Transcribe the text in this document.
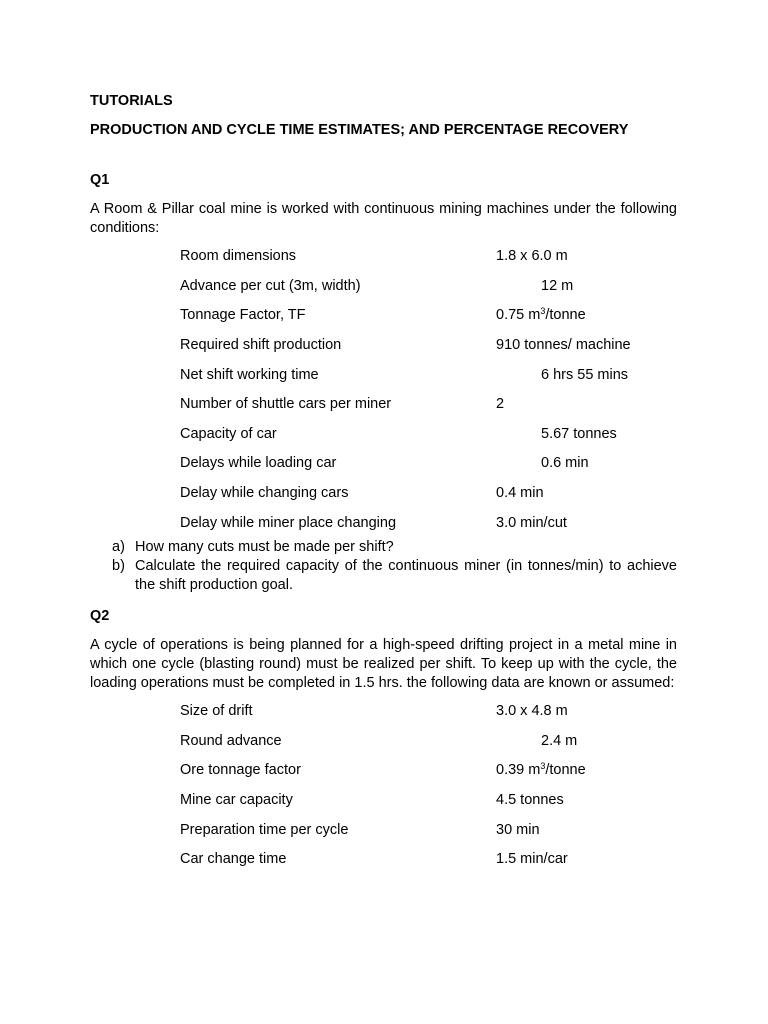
TUTORIALS

PRODUCTION AND CYCLE TIME ESTIMATES; AND PERCENTAGE RECOVERY

Q1

A Room & Pillar coal mine is worked with continuous mining machines under the following conditions:

Room dimensions	1.8 x 6.0 m
Advance per cut (3m, width)	12 m
Tonnage Factor, TF	0.75 $m^3$/tonne
Required shift production	910 tonnes/ machine
Net shift working time	6 hrs 55 mins
Number of shuttle cars per miner	2
Capacity of car	5.67 tonnes
Delays while loading car	0.6 min
Delay while changing cars	0.4 min
Delay while miner place changing	3.0 min/cut
a) How many cuts must be made per shift?
b) Calculate the required capacity of the continuous miner (in tonnes/min) to achieve the shift production goal.

Q2

A cycle of operations is being planned for a high-speed drifting project in a metal mine in which one cycle (blasting round) must be realized per shift. To keep up with the cycle, the loading operations must be completed in 1.5 hrs. the following data are known or assumed:

Size of drift	3.0 x 4.8 m
Round advance	2.4 m
Ore tonnage factor	0.39 $m^3$/tonne
Mine car capacity	4.5 tonnes
Preparation time per cycle	30 min
Car change time	1.5 min/car
